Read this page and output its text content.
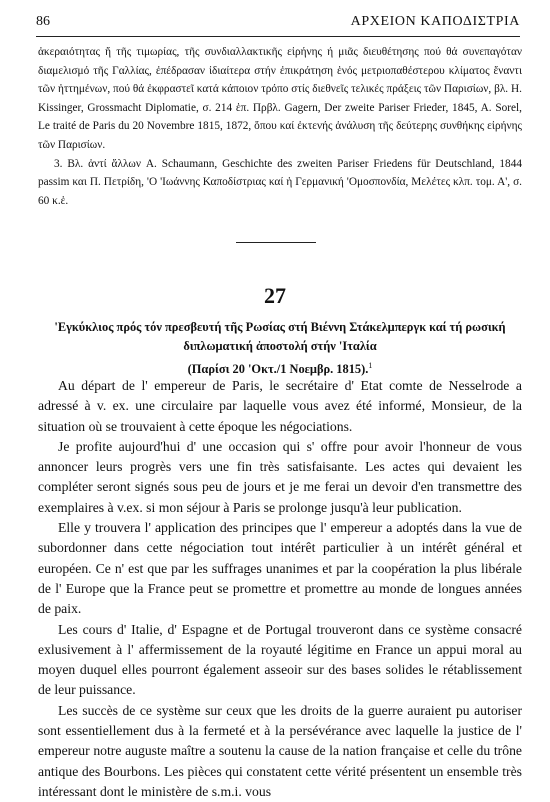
86	ΑΡΧΕΙΟΝ ΚΑΠΟΔΙΣΤΡΙΑ

ἀκεραιότητας ἤ τῆς τιμωρίας, τῆς συνδιαλλακτικῆς εἰρήνης ή μιᾶς διευθέτησης πού θά συνεπαγόταν διαμελισμό τῆς Γαλλίας, ἐπέδρασαν ἰδιαίτερα στήν ἐπικράτηση ἑνός μετριοπαθέστερου κλίματος ἔναντι τῶν ἡττημένων, πού θά ἐκφραστεῖ κατά κάποιον τρόπο στίς διεθνεῖς τελικές πράξεις τῶν Παρισίων, βλ. H. Kissinger, Grossmacht Diplomatie, σ. 214 ἑπ. Πρβλ. Gagern, Der zweite Pariser Frieder, 1845, A. Sorel, Le traité de Paris du 20 Novembre 1815, 1872, ὅπου καί ἐκτενής ἀνάλυση τῆς δεύτερης συνθήκης εἰρήνης τῶν Παρισίων.

3. Βλ. ἀντί ἄλλων A. Schaumann, Geschichte des zweiten Pariser Friedens für Deutschland, 1844 passim και Π. Πετρίδη, 'Ο 'Ιωάννης Καποδίστριας καί ἡ Γερμανική 'Ομοσπονδία, Μελέτες κλπ. τομ. Α', σ. 60 κ.ἑ.

27
'Εγκύκλιος πρός τόν πρεσβευτή τῆς Ρωσίας στή Βιέννη Στάκελμπεργκ καί τή ρωσική
διπλωματική ἀποστολή στήν 'Ιταλία
(Παρίσι 20 'Οκτ./1 Νοεμβρ. 1815).$^1$

Au départ de l' empereur de Paris, le secrétaire d' Etat comte de Nesselrode a adressé à v. ex. une circulaire par laquelle vous avez été informé, Monsieur, de la situation où se trouvaient à cette époque les négociations.

Je profite aujourd'hui d' une occasion qui s' offre pour avoir l'honneur de vous annoncer leurs progrès vers une fin très satisfaisante. Les actes qui devaient les compléter seront signés sous peu de jours et je me ferai un devoir d'en transmettre des exemplaires à v.ex. si mon séjour à Paris se prolonge jusqu'à leur publication.

Elle y trouvera l' application des principes que l' empereur a adoptés dans la vue de subordonner dans cette négociation tout intérêt particulier à un intérêt général et européen. Ce n' est que par les suffrages unanimes et par la coopération la plus libérale de l' Europe que la France peut se promettre et promettre au monde de longues années de paix.

Les cours d' Italie, d' Espagne et de Portugal trouveront dans ce système consacré exlusivement à l' affermissement de la royauté légitime en France un appui moral au moyen duquel elles pourront également asseoir sur des bases solides le rétablissement de leur puissance.

Les succès de ce système sur ceux que les droits de la guerre auraient pu autoriser sont essentiellement dus à la fermeté et à la persévérance avec laquelle la justice de l' empereur notre auguste maître a soutenu la cause de la nation française et celle du trône antique des Bourbons. Les pièces qui constatent cette vérité présentent un ensemble très intéressant dont le ministère de s.m.i. vous
